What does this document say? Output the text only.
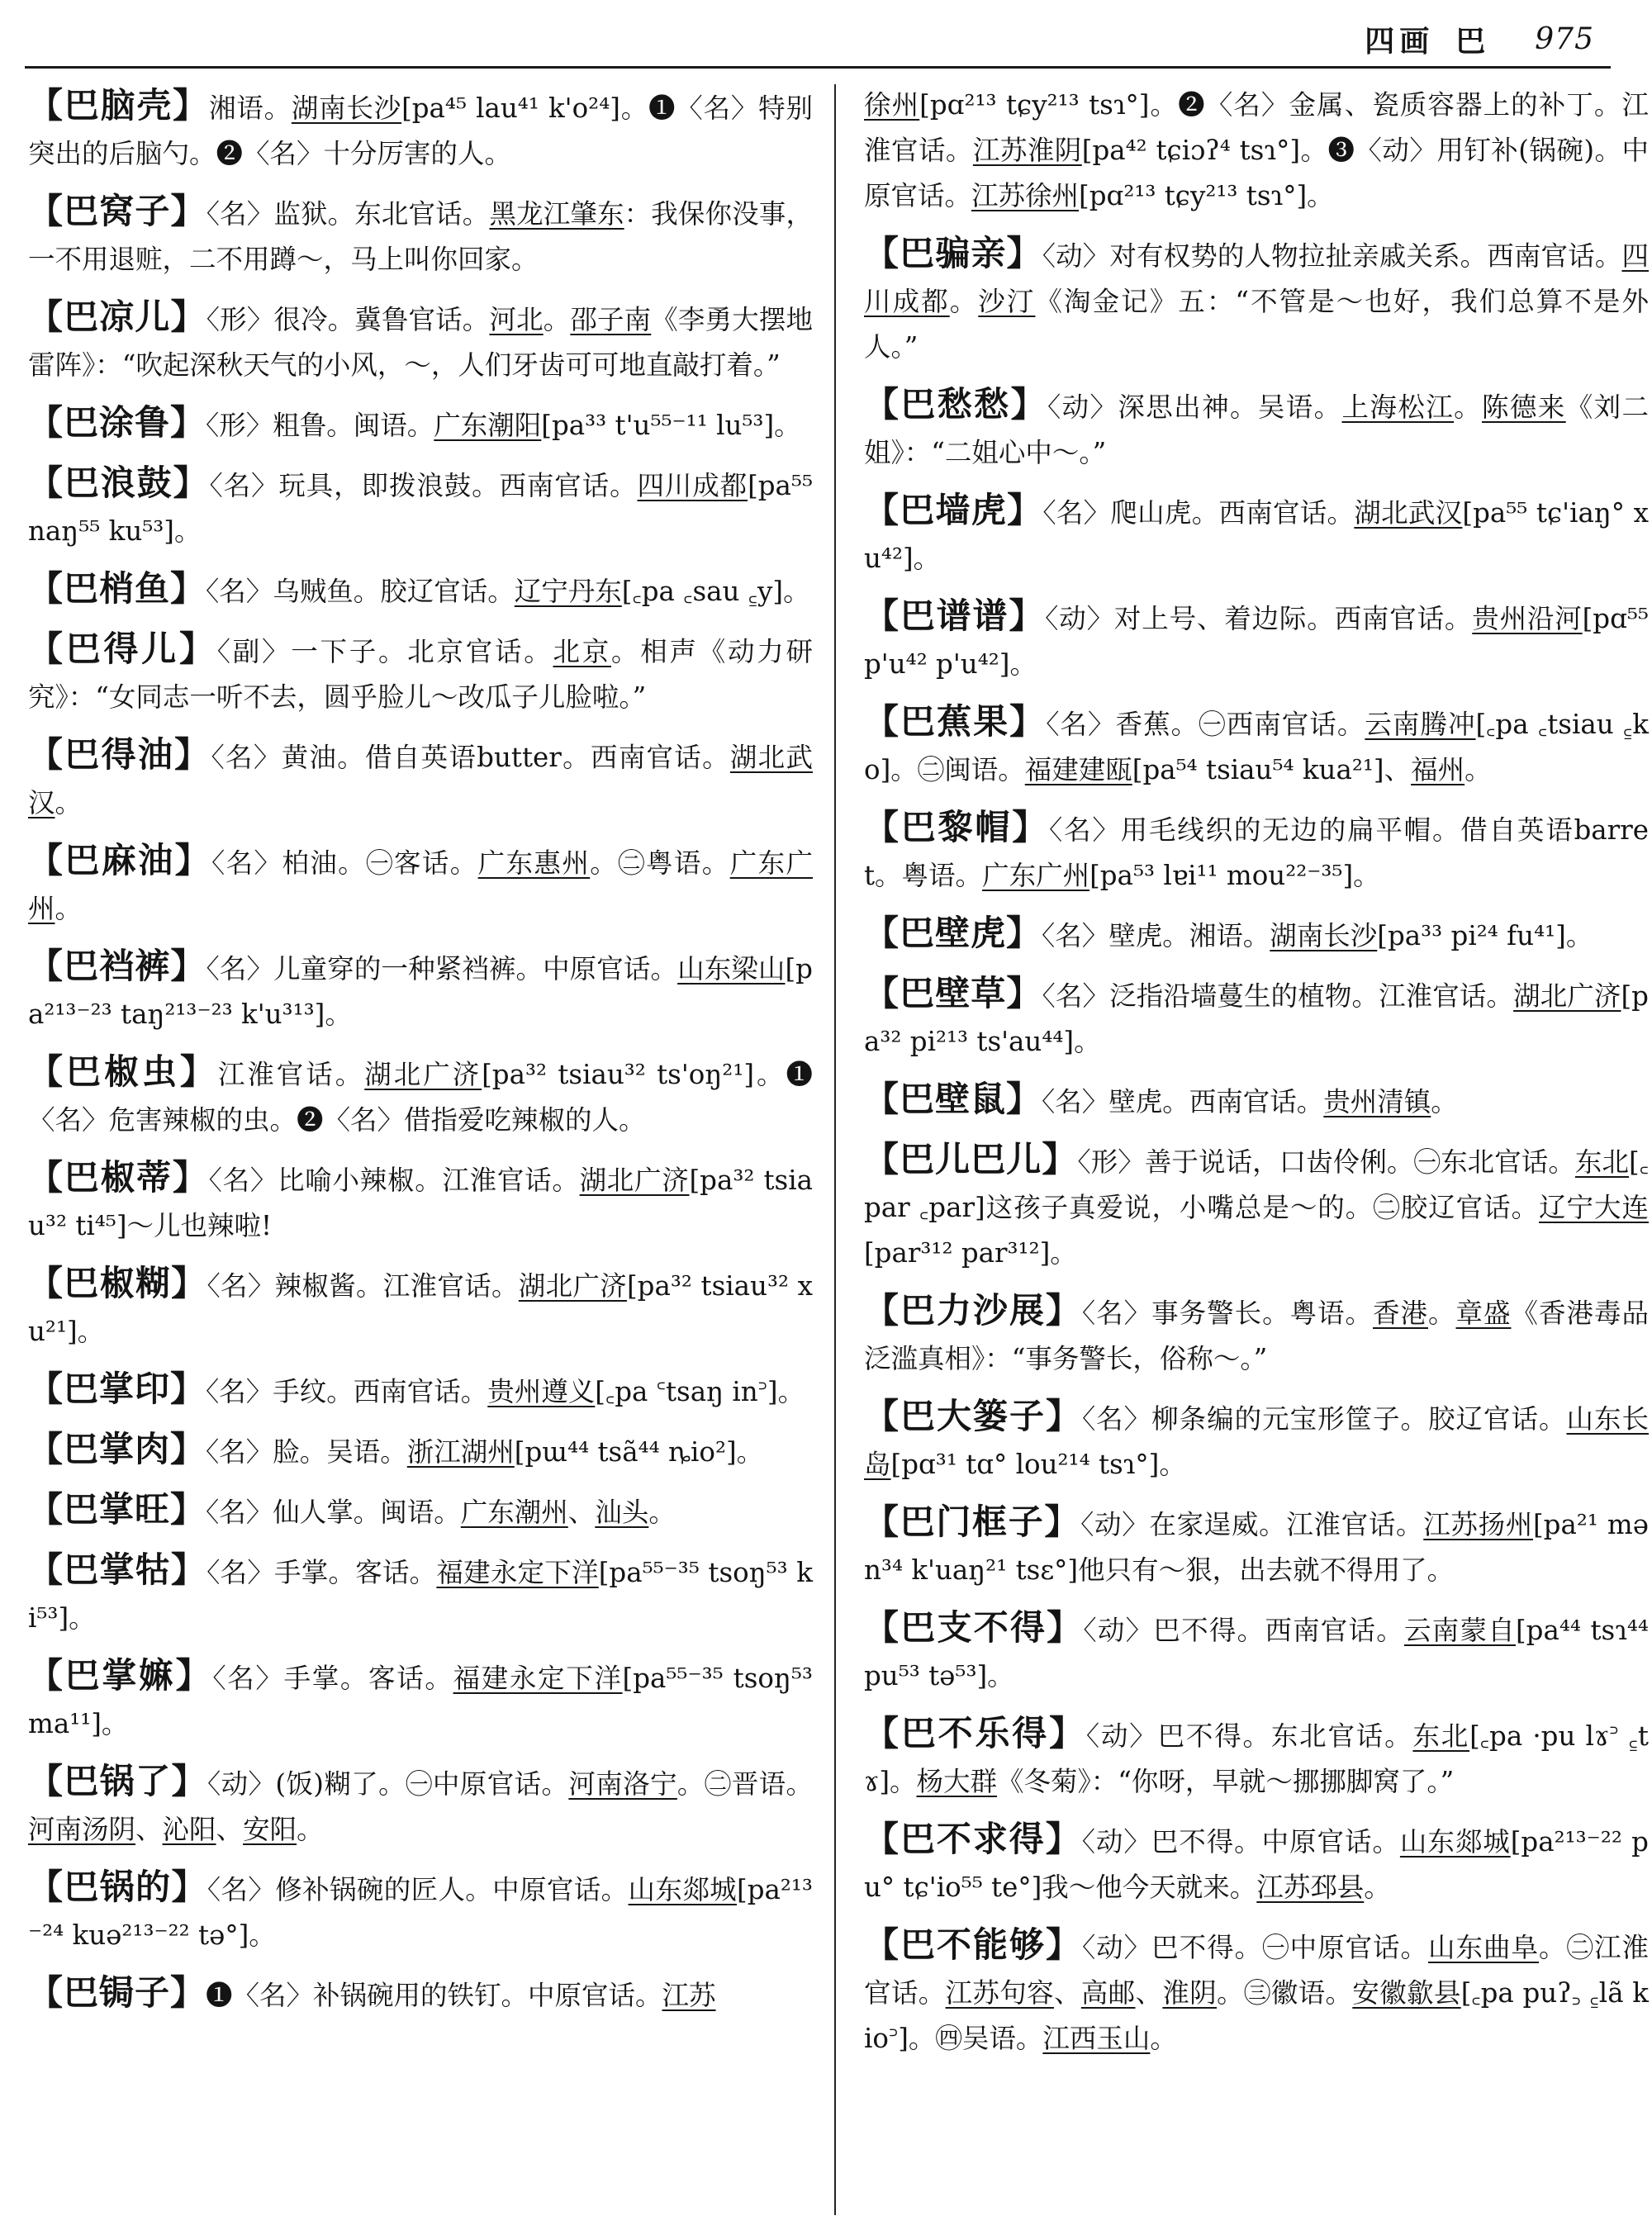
四画 巴 975
【巴脑壳】湘语。湖南长沙[pa⁴⁵ lau⁴¹ k'o²⁴]。❶〈名〉特别突出的后脑勺。❷〈名〉十分厉害的人。
【巴窝子】〈名〉监狱。东北官话。黑龙江肇东：我保你没事，一不用退赃，二不用蹲～，马上叫你回家。
【巴凉儿】〈形〉很冷。冀鲁官话。河北。邵子南《李勇大摆地雷阵》：“吹起深秋天气的小风，～，人们牙齿可可地直敲打着。”
【巴涂鲁】〈形〉粗鲁。闽语。广东潮阳[pa³³ t'u⁵⁵⁻¹¹ lu⁵³]。
【巴浪鼓】〈名〉玩具，即拨浪鼓。西南官话。四川成都[pa⁵⁵ naŋ⁵⁵ ku⁵³]。
【巴梢鱼】〈名〉乌贼鱼。胶辽官话。辽宁丹东[꜀pa ꜀sau ꜁y]。
【巴得儿】〈副〉一下子。北京官话。北京。相声《动力研究》：“女同志一听不去，圆乎脸儿～改瓜子儿脸啦。”
【巴得油】〈名〉黄油。借自英语butter。西南官话。湖北武汉。
【巴麻油】〈名〉柏油。㊀客话。广东惠州。㊁粤语。广东广州。
【巴裆裤】〈名〉儿童穿的一种紧裆裤。中原官话。山东梁山[pa²¹³⁻²³ taŋ²¹³⁻²³ k'u³¹³]。
【巴椒虫】江淮官话。湖北广济[pa³² tsiau³² ts'oŋ²¹]。❶〈名〉危害辣椒的虫。❷〈名〉借指爱吃辣椒的人。
【巴椒蒂】〈名〉比喻小辣椒。江淮官话。湖北广济[pa³² tsiau³² ti⁴⁵]～儿也辣啦!
【巴椒糊】〈名〉辣椒酱。江淮官话。湖北广济[pa³² tsiau³² xu²¹]。
【巴掌印】〈名〉手纹。西南官话。贵州遵义[꜀pa ꜂tsaŋ in꜄]。
【巴掌肉】〈名〉脸。吴语。浙江湖州[pɯ⁴⁴ tsã⁴⁴ ȵio²]。
【巴掌旺】〈名〉仙人掌。闽语。广东潮州、汕头。
【巴掌牯】〈名〉手掌。客话。福建永定下洋[pa⁵⁵⁻³⁵ tsoŋ⁵³ ki⁵³]。
【巴掌嫲】〈名〉手掌。客话。福建永定下洋[pa⁵⁵⁻³⁵ tsoŋ⁵³ ma¹¹]。
【巴锅了】〈动〉(饭)糊了。㊀中原官话。河南洛宁。㊁晋语。河南汤阴、沁阳、安阳。
【巴锅的】〈名〉修补锅碗的匠人。中原官话。山东郯城[pa²¹³⁻²⁴ kuə²¹³⁻²² tə°]。
【巴锔子】❶〈名〉补锅碗用的铁钉。中原官话。江苏
徐州[pɑ²¹³ tɕy²¹³ tsɿ°]。❷〈名〉金属、瓷质容器上的补丁。江淮官话。江苏淮阴[pa⁴² tɕiɔʔ⁴ tsɿ°]。❸〈动〉用钉补(锅碗)。中原官话。江苏徐州[pɑ²¹³ tɕy²¹³ tsɿ°]。
【巴骗亲】〈动〉对有权势的人物拉扯亲戚关系。西南官话。四川成都。沙汀《淘金记》五：“不管是～也好，我们总算不是外人。”
【巴愁愁】〈动〉深思出神。吴语。上海松江。陈德来《刘二姐》：“二姐心中～。”
【巴墙虎】〈名〉爬山虎。西南官话。湖北武汉[pa⁵⁵ tɕ'iaŋ° xu⁴²]。
【巴谱谱】〈动〉对上号、着边际。西南官话。贵州沿河[pɑ⁵⁵ p'u⁴² p'u⁴²]。
【巴蕉果】〈名〉香蕉。㊀西南官话。云南腾冲[꜀pa ꜀tsiau ꜁ko]。㊁闽语。福建建瓯[pa⁵⁴ tsiau⁵⁴ kua²¹]、福州。
【巴黎帽】〈名〉用毛线织的无边的扁平帽。借自英语barret。粤语。广东广州[pa⁵³ lɐi¹¹ mou²²⁻³⁵]。
【巴壁虎】〈名〉壁虎。湘语。湖南长沙[pa³³ pi²⁴ fu⁴¹]。
【巴壁草】〈名〉泛指沿墙蔓生的植物。江淮官话。湖北广济[pa³² pi²¹³ ts'au⁴⁴]。
【巴壁鼠】〈名〉壁虎。西南官话。贵州清镇。
【巴儿巴儿】〈形〉善于说话，口齿伶俐。㊀东北官话。东北[꜀par ꜀par]这孩子真爱说，小嘴总是～的。㊁胶辽官话。辽宁大连[par³¹² par³¹²]。
【巴力沙展】〈名〉事务警长。粤语。香港。章盛《香港毒品泛滥真相》：“事务警长，俗称～。”
【巴大篓子】〈名〉柳条编的元宝形筐子。胶辽官话。山东长岛[pɑ³¹ tɑ° lou²¹⁴ tsɿ°]。
【巴门框子】〈动〉在家逞威。江淮官话。江苏扬州[pa²¹ mən³⁴ k'uaŋ²¹ tsɛ°]他只有～狠，出去就不得用了。
【巴支不得】〈动〉巴不得。西南官话。云南蒙自[pa⁴⁴ tsɿ⁴⁴ pu⁵³ tə⁵³]。
【巴不乐得】〈动〉巴不得。东北官话。东北[꜀pa ·pu lɤ꜄ ꜁tɤ]。杨大群《冬菊》：“你呀，早就～挪挪脚窝了。”
【巴不求得】〈动〉巴不得。中原官话。山东郯城[pa²¹³⁻²² pu° tɕ'io⁵⁵ te°]我～他今天就来。江苏邳县。
【巴不能够】〈动〉巴不得。㊀中原官话。山东曲阜。㊁江淮官话。江苏句容、高邮、淮阴。㊂徽语。安徽歙县[꜀pa puʔ꜆ ꜁lã kio꜄]。㊃吴语。江西玉山。
